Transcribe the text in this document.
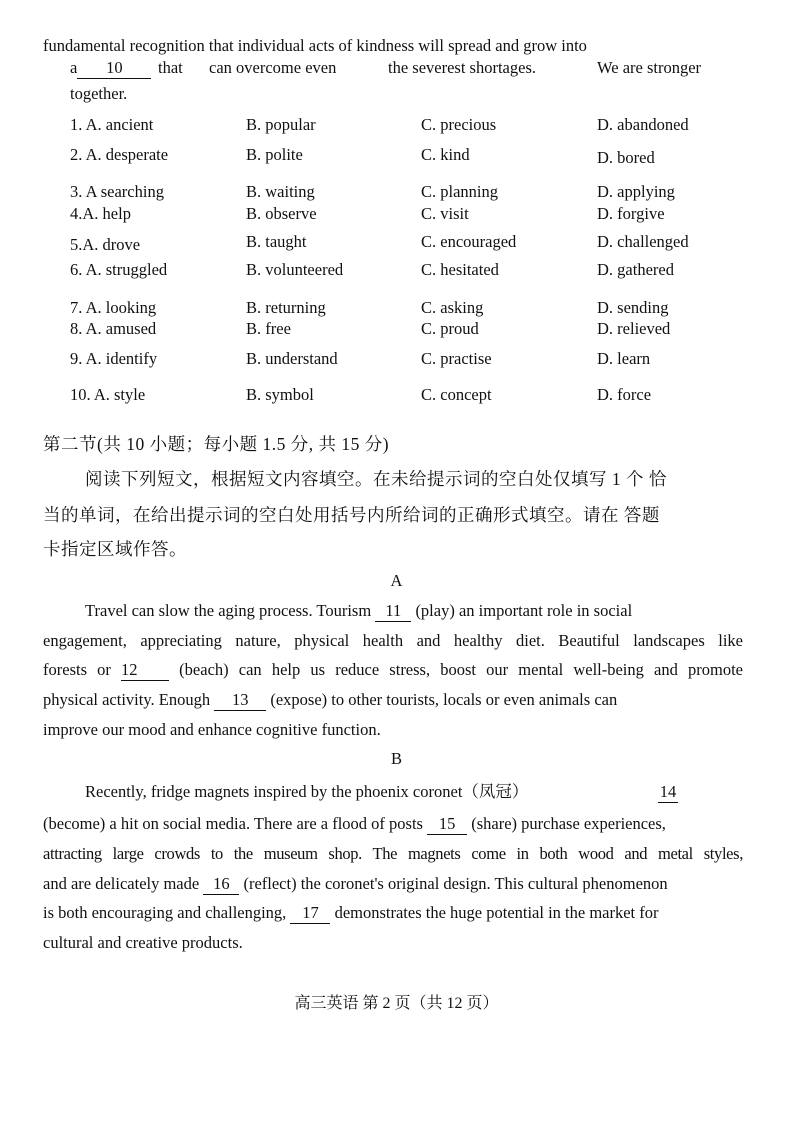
fundamental recognition that individual acts of kindness will spread and grow into
a 10	that can overcome even	the severest shortages.	We are stronger
together.
1. A. ancient	B. popular	C. precious	D. abandoned
2. A. desperate	B. polite	C. kind	D. bored
3. A searching	B. waiting	C. planning	D. applying
4.A. help	B. observe	C. visit	D. forgive
5.A. drove	B. taught	C. encouraged	D. challenged
6. A. struggled	B. volunteered	C. hesitated	D. gathered
7. A. looking	B. returning	C. asking	D. sending
8. A. amused	B. free	C. proud	D. relieved
9. A. identify	B. understand	C. practise	D. learn
10. A. style	B. symbol	C. concept	D. force
第二节(共 10 小题；每小题 1.5 分, 共 15 分)
阅读下列短文，根据短文内容填空。在未给提示词的空白处仅填写 1 个 恰
当的单词，在给出提示词的空白处用括号内所给词的正确形式填空。请在 答题
卡指定区域作答。
A
Travel can slow the aging process. Tourism 11 (play) an important role in social
engagement, appreciating nature, physical health and healthy diet. Beautiful landscapes like
forests or 12 (beach) can help us reduce stress, boost our mental well-being and promote
physical activity. Enough 13 (expose) to other tourists, locals or even animals can
improve our mood and enhance cognitive function.
B
Recently, fridge magnets inspired by the phoenix coronet（凤冠）	14
(become) a hit on social media. There are a flood of posts 15 (share) purchase experiences,
attracting large crowds to the museum shop. The magnets come in both wood and metal styles,
and are delicately made 16 (reflect) the coronet's original design. This cultural phenomenon
is both encouraging and challenging, 17 demonstrates the huge potential in the market for
cultural and creative products.
高三英语 第 2 页（共 12 页）
